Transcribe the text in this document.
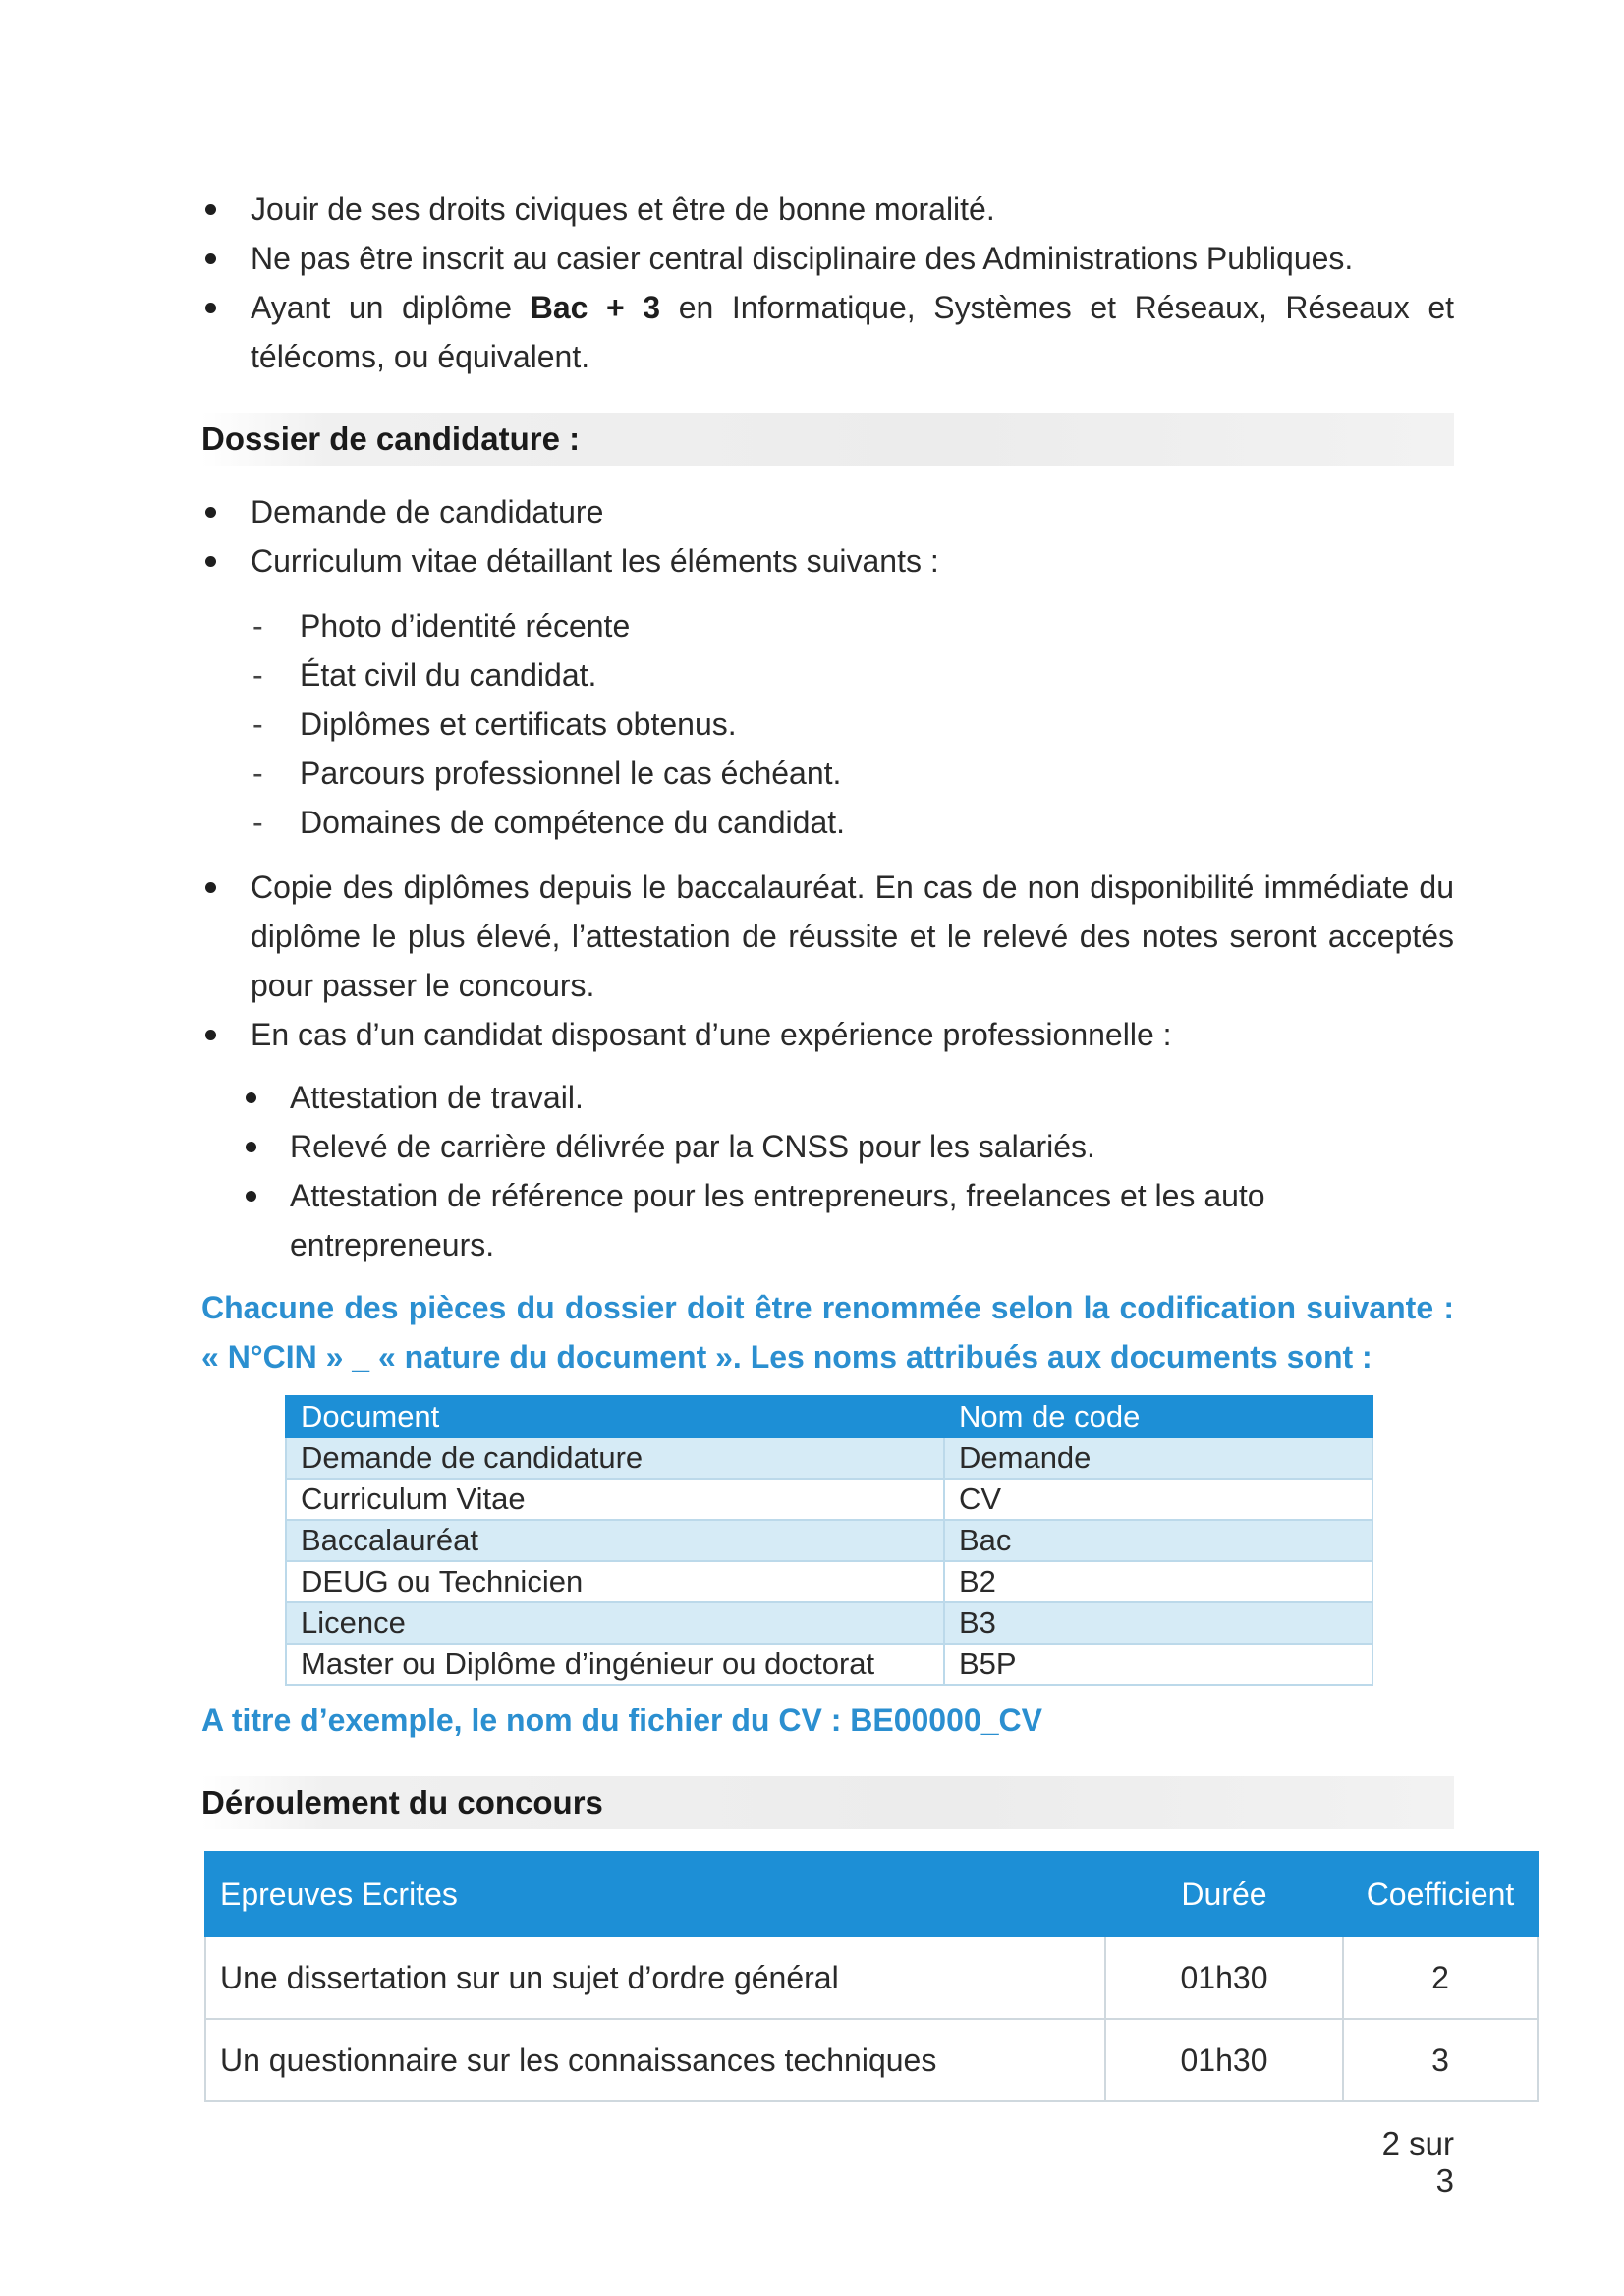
Jouir de ses droits civiques et être de bonne moralité.
Ne pas être inscrit au casier central disciplinaire des Administrations Publiques.
Ayant un diplôme Bac + 3 en Informatique, Systèmes et Réseaux, Réseaux et télécoms, ou équivalent.
Dossier de candidature :
Demande de candidature
Curriculum vitae détaillant les éléments suivants :
- Photo d’identité récente
- État civil du candidat.
- Diplômes et certificats obtenus.
- Parcours professionnel le cas échéant.
- Domaines de compétence du candidat.
Copie des diplômes depuis le baccalauréat. En cas de non disponibilité immédiate du diplôme le plus élevé, l’attestation de réussite et le relevé des notes seront acceptés pour passer le concours.
En cas d’un candidat disposant d’une expérience professionnelle :
Attestation de travail.
Relevé de carrière délivrée par la CNSS pour les salariés.
Attestation de référence pour les entrepreneurs, freelances et les auto entrepreneurs.
Chacune des pièces du dossier doit être renommée selon la codification suivante : « N°CIN » _ « nature du document ». Les noms attribués aux documents sont :
Document	Nom de code
Demande de candidature	Demande
Curriculum Vitae	CV
Baccalauréat	Bac
DEUG ou Technicien	B2
Licence	B3
Master ou Diplôme d’ingénieur ou doctorat	B5P
A titre d’exemple, le nom du fichier du CV : BE00000_CV
Déroulement du concours
Epreuves Ecrites	Durée	Coefficient
Une dissertation sur un sujet d’ordre général	01h30	2
Un questionnaire sur les connaissances techniques	01h30	3
2 sur 3
